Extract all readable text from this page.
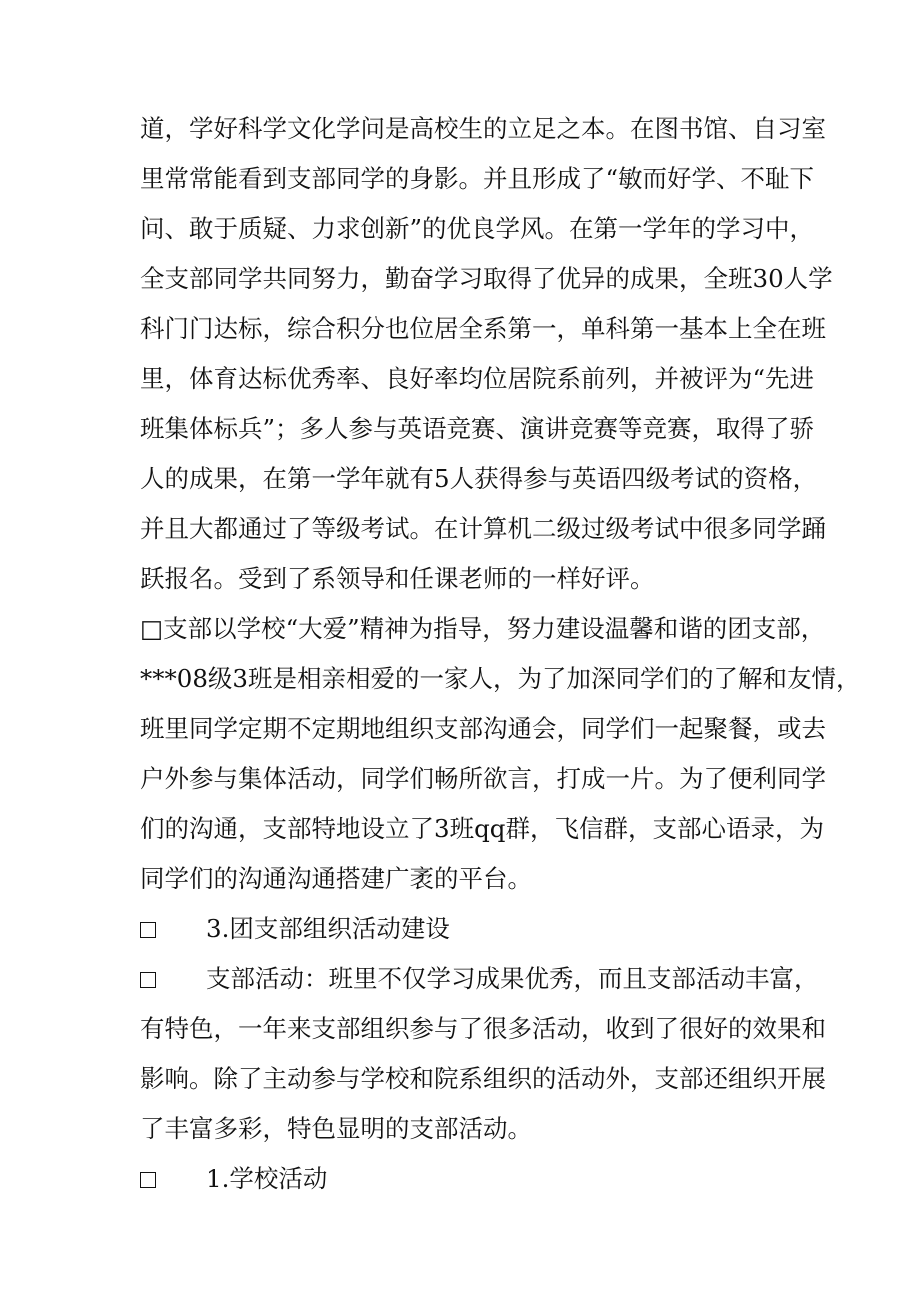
道，学好科学文化学问是高校生的立足之本。在图书馆、自习室
里常常能看到支部同学的身影。并且形成了“敏而好学、不耻下
问、敢于质疑、力求创新”的优良学风。在第一学年的学习中，
全支部同学共同努力，勤奋学习取得了优异的成果，全班30人学
科门门达标，综合积分也位居全系第一，单科第一基本上全在班
里，体育达标优秀率、良好率均位居院系前列，并被评为“先进
班集体标兵”；多人参与英语竞赛、演讲竞赛等竞赛，取得了骄
人的成果，在第一学年就有5人获得参与英语四级考试的资格，
并且大都通过了等级考试。在计算机二级过级考试中很多同学踊
跃报名。受到了系领导和任课老师的一样好评。
□支部以学校“大爱”精神为指导，努力建设温馨和谐的团支部，
***08级3班是相亲相爱的一家人，为了加深同学们的了解和友情，
班里同学定期不定期地组织支部沟通会，同学们一起聚餐，或去
户外参与集体活动，同学们畅所欲言，打成一片。为了便利同学
们的沟通，支部特地设立了3班qq群，飞信群，支部心语录，为
同学们的沟通沟通搭建广袤的平台。
3.团支部组织活动建设
支部活动：班里不仅学习成果优秀，而且支部活动丰富，
有特色，一年来支部组织参与了很多活动，收到了很好的效果和
影响。除了主动参与学校和院系组织的活动外，支部还组织开展
了丰富多彩，特色显明的支部活动。
1.学校活动
